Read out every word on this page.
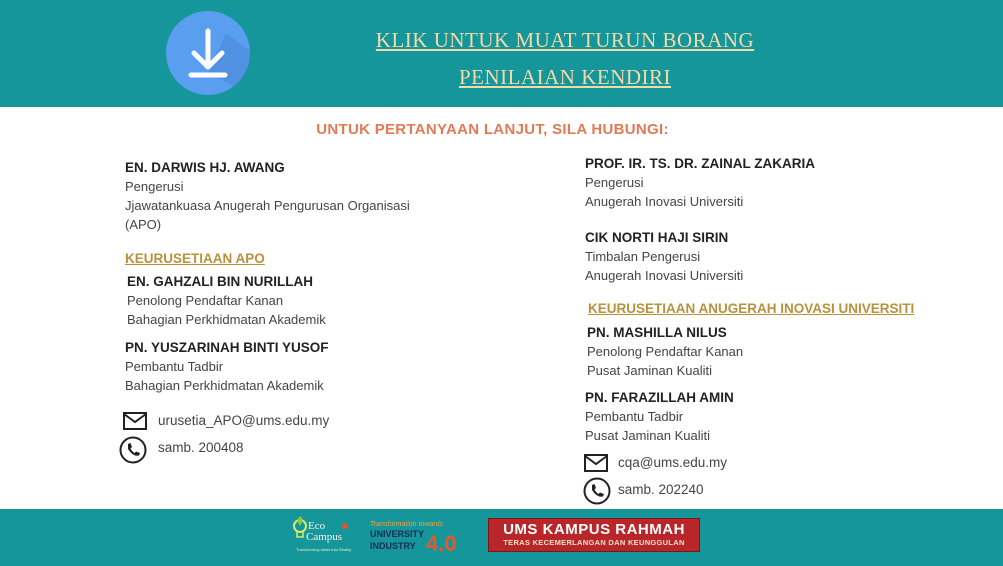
KLIK UNTUK MUAT TURUN BORANG
PENILAIAN KENDIRI
UNTUK PERTANYAAN LANJUT, SILA HUBUNGI:
EN. DARWIS HJ. AWANG
Pengerusi
Jjawatankuasa Anugerah Pengurusan Organisasi
(APO)
KEURUSETIAAN APO
EN. GAHZALI BIN NURILLAH
Penolong Pendaftar Kanan
Bahagian Perkhidmatan Akademik
PN. YUSZARINAH BINTI YUSOF
Pembantu Tadbir
Bahagian Perkhidmatan Akademik
urusetia_APO@ums.edu.my
samb. 200408
PROF. IR. TS. DR. ZAINAL ZAKARIA
Pengerusi
Anugerah Inovasi Universiti
CIK NORTI HAJI SIRIN
Timbalan Pengerusi
Anugerah Inovasi Universiti
KEURUSETIAAN ANUGERAH INOVASI UNIVERSITI
PN. MASHILLA NILUS
Penolong Pendaftar Kanan
Pusat Jaminan Kualiti
PN. FARAZILLAH AMIN
Pembantu Tadbir
Pusat Jaminan Kualiti
cqa@ums.edu.my
samb. 202240
Eco
Campus
Transforming Ideas into Reality
Transformation towards
UNIVERSITY
INDUSTRY 4.0
UMS KAMPUS RAHMAH
TERAS KECEMERLANGAN DAN KEUNGGULAN
